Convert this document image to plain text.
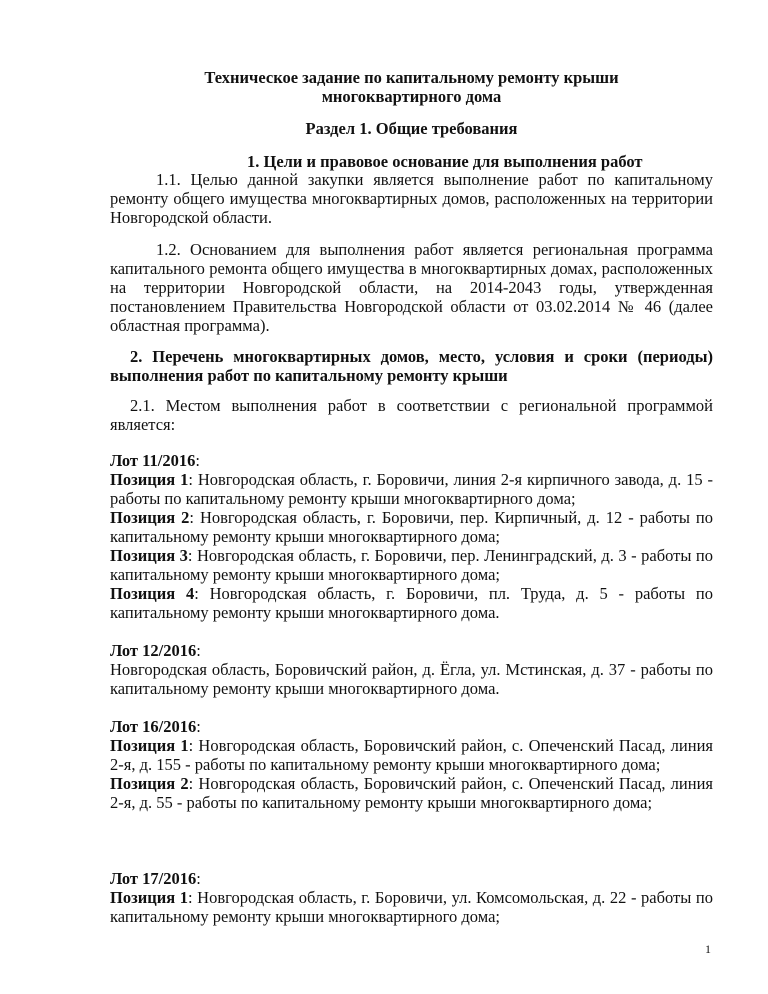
Техническое задание по капитальному ремонту крыши
многоквартирного дома
Раздел 1. Общие требования
1. Цели и правовое основание для выполнения работ

1.1. Целью данной закупки является выполнение работ по капитальному ремонту общего имущества многоквартирных домов, расположенных на территории Новгородской области.

1.2. Основанием для выполнения работ является региональная программа капитального ремонта общего имущества в многоквартирных домах, расположенных на территории Новгородской области, на 2014-2043 годы, утвержденная постановлением Правительства Новгородской области от 03.02.2014 № 46 (далее областная программа).

2. Перечень многоквартирных домов, место, условия и сроки (периоды) выполнения работ по капитальному ремонту крыши

2.1. Местом выполнения работ в соответствии с региональной программой является:

Лот 11/2016:

Позиция 1: Новгородская область, г. Боровичи, линия 2-я кирпичного завода, д. 15 - работы по капитальному ремонту крыши многоквартирного дома;

Позиция 2: Новгородская область, г. Боровичи, пер. Кирпичный, д. 12 - работы по капитальному ремонту крыши многоквартирного дома;

Позиция 3: Новгородская область, г. Боровичи, пер. Ленинградский, д. 3 - работы по капитальному ремонту крыши многоквартирного дома;

Позиция 4: Новгородская область, г. Боровичи, пл. Труда, д. 5 - работы по капитальному ремонту крыши многоквартирного дома.

Лот 12/2016:

Новгородская область, Боровичский район, д. Ёгла, ул. Мстинская, д. 37 - работы по капитальному ремонту крыши многоквартирного дома.

Лот 16/2016:

Позиция 1: Новгородская область, Боровичский район, с. Опеченский Пасад, линия 2-я, д. 155 - работы по капитальному ремонту крыши многоквартирного дома;

Позиция 2: Новгородская область, Боровичский район, с. Опеченский Пасад, линия 2-я, д. 55 - работы по капитальному ремонту крыши многоквартирного дома;

Лот 17/2016:

Позиция 1: Новгородская область, г. Боровичи, ул. Комсомольская, д. 22 - работы по капитальному ремонту крыши многоквартирного дома;

1
